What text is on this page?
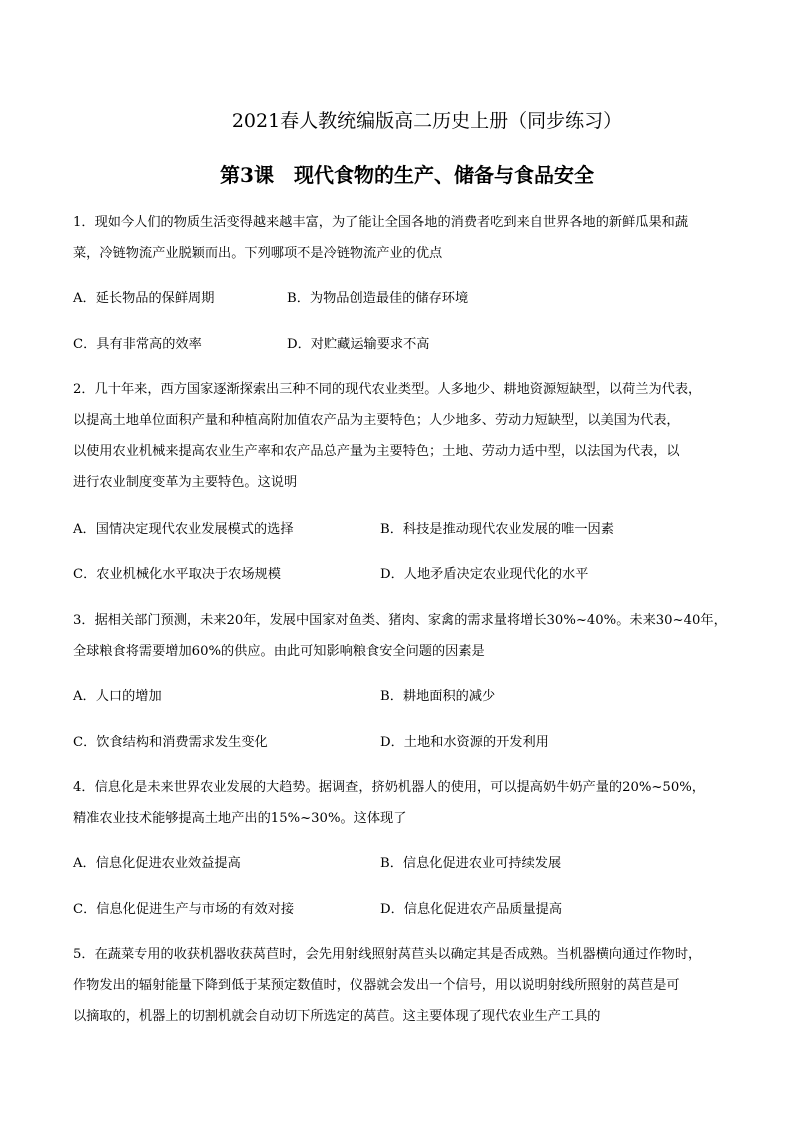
2021春人教统编版高二历史上册（同步练习）
第3课　现代食物的生产、储备与食品安全
1．现如今人们的物质生活变得越来越丰富，为了能让全国各地的消费者吃到来自世界各地的新鲜瓜果和蔬
菜，冷链物流产业脱颖而出。下列哪项不是冷链物流产业的优点
A．延长物品的保鲜周期	B．为物品创造最佳的储存环境
C．具有非常高的效率	D．对贮藏运输要求不高
2．几十年来，西方国家逐渐探索出三种不同的现代农业类型。人多地少、耕地资源短缺型，以荷兰为代表，
以提高土地单位面积产量和种植高附加值农产品为主要特色；人少地多、劳动力短缺型，以美国为代表，
以使用农业机械来提高农业生产率和农产品总产量为主要特色；土地、劳动力适中型，以法国为代表，以
进行农业制度变革为主要特色。这说明
A．国情决定现代农业发展模式的选择	B．科技是推动现代农业发展的唯一因素
C．农业机械化水平取决于农场规模	D．人地矛盾决定农业现代化的水平
3．据相关部门预测，未来20年，发展中国家对鱼类、猪肉、家禽的需求量将增长30%~40%。未来30~40年，
全球粮食将需要增加60%的供应。由此可知影响粮食安全问题的因素是
A．人口的增加	B．耕地面积的减少
C．饮食结构和消费需求发生变化	D．土地和水资源的开发利用
4．信息化是未来世界农业发展的大趋势。据调查，挤奶机器人的使用，可以提高奶牛奶产量的20%~50%，
精准农业技术能够提高土地产出的15%~30%。这体现了
A．信息化促进农业效益提高	B．信息化促进农业可持续发展
C．信息化促进生产与市场的有效对接	D．信息化促进农产品质量提高
5．在蔬菜专用的收获机器收获莴苣时，会先用射线照射莴苣头以确定其是否成熟。当机器横向通过作物时，
作物发出的辐射能量下降到低于某预定数值时，仪器就会发出一个信号，用以说明射线所照射的莴苣是可
以摘取的，机器上的切割机就会自动切下所选定的莴苣。这主要体现了现代农业生产工具的
